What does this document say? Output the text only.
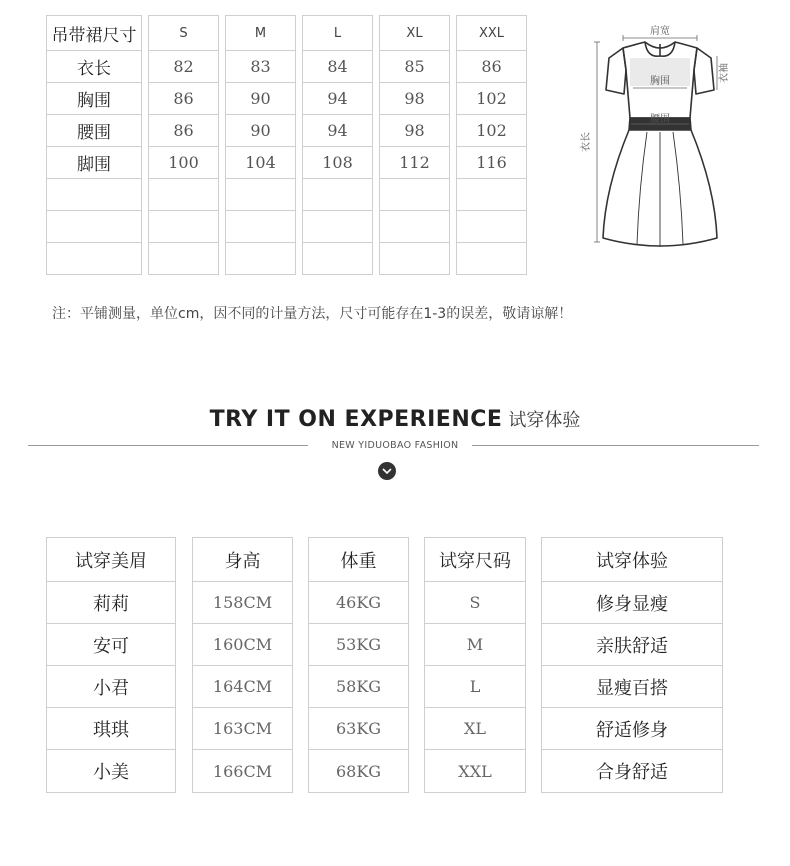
吊带裙尺寸
衣长
胸围
腰围
脚围
S
82
86
86
100
M
83
90
90
104
L
84
94
94
108
XL
85
98
98
112
XXL
86
102
102
116
肩宽
胸围
腰围
衣长
衣袖
注：平铺测量，单位cm，因不同的计量方法，尺寸可能存在1-3的误差，敬请谅解！
TRY IT ON EXPERIENCE 试穿体验
NEW YIDUOBAO FASHION
试穿美眉
莉莉
安可
小君
琪琪
小美
身高
158CM
160CM
164CM
163CM
166CM
体重
46KG
53KG
58KG
63KG
68KG
试穿尺码
S
M
L
XL
XXL
试穿体验
修身显瘦
亲肤舒适
显瘦百搭
舒适修身
合身舒适
